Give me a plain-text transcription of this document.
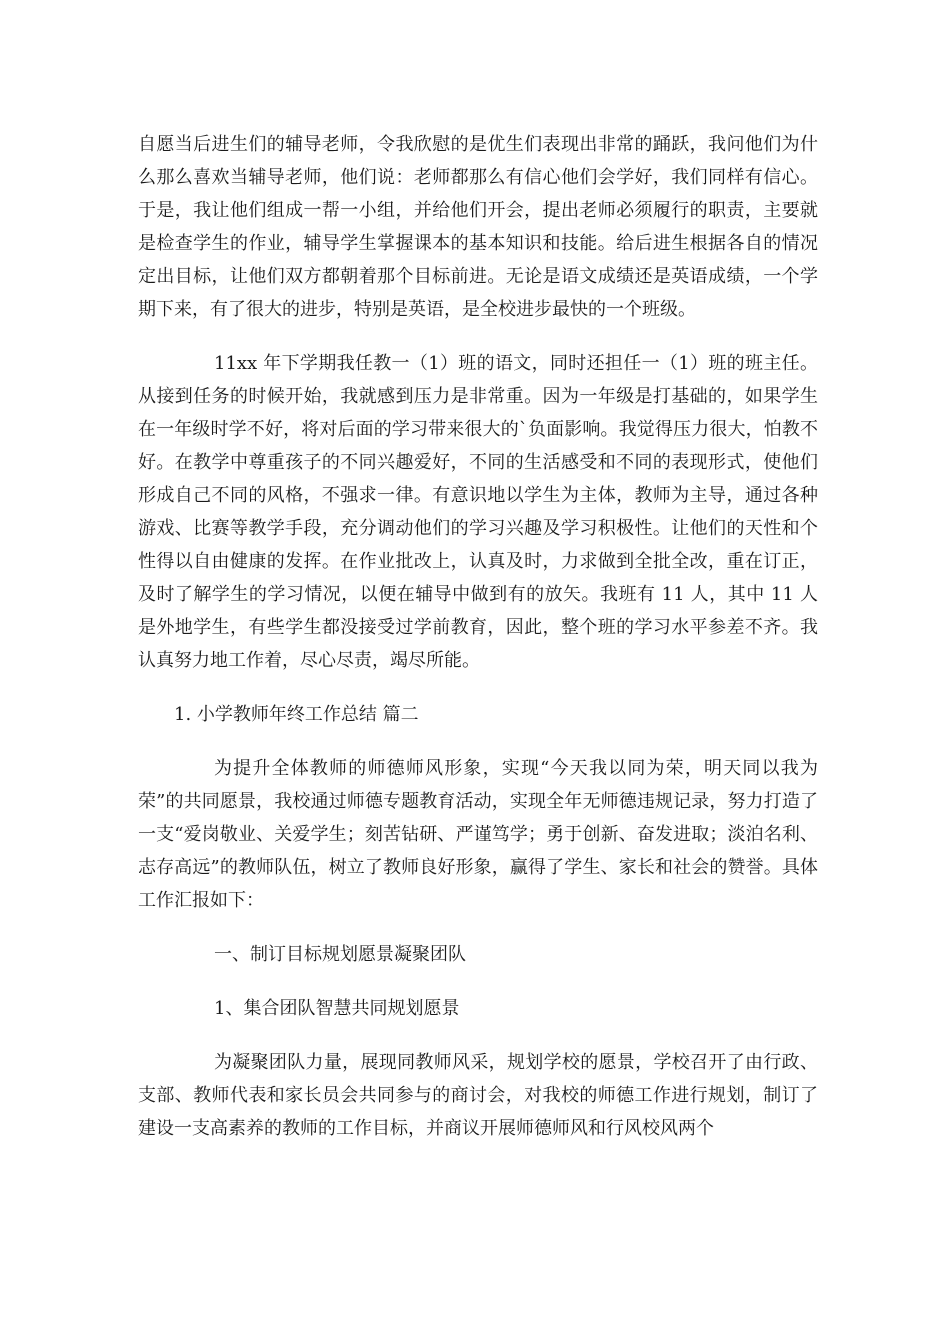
自愿当后进生们的辅导老师，令我欣慰的是优生们表现出非常的踊跃，我问他们为什么那么喜欢当辅导老师，他们说：老师都那么有信心他们会学好，我们同样有信心。于是，我让他们组成一帮一小组，并给他们开会，提出老师必须履行的职责，主要就是检查学生的作业，辅导学生掌握课本的基本知识和技能。给后进生根据各自的情况定出目标，让他们双方都朝着那个目标前进。无论是语文成绩还是英语成绩，一个学期下来，有了很大的进步，特别是英语，是全校进步最快的一个班级。

11xx 年下学期我任教一（1）班的语文，同时还担任一（1）班的班主任。从接到任务的时候开始，我就感到压力是非常重。因为一年级是打基础的，如果学生在一年级时学不好，将对后面的学习带来很大的`负面影响。我觉得压力很大，怕教不好。在教学中尊重孩子的不同兴趣爱好，不同的生活感受和不同的表现形式，使他们形成自己不同的风格，不强求一律。有意识地以学生为主体，教师为主导，通过各种游戏、比赛等教学手段，充分调动他们的学习兴趣及学习积极性。让他们的天性和个性得以自由健康的发挥。在作业批改上，认真及时，力求做到全批全改，重在订正，及时了解学生的学习情况，以便在辅导中做到有的放矢。我班有 11 人，其中 11 人是外地学生，有些学生都没接受过学前教育，因此，整个班的学习水平参差不齐。我认真努力地工作着，尽心尽责，竭尽所能。

1. 小学教师年终工作总结 篇二

为提升全体教师的师德师风形象，实现“今天我以同为荣，明天同以我为荣”的共同愿景，我校通过师德专题教育活动，实现全年无师德违规记录，努力打造了一支“爱岗敬业、关爱学生；刻苦钻研、严谨笃学；勇于创新、奋发进取；淡泊名利、志存高远”的教师队伍，树立了教师良好形象，赢得了学生、家长和社会的赞誉。具体工作汇报如下：

一、制订目标规划愿景凝聚团队

1、集合团队智慧共同规划愿景

为凝聚团队力量，展现同教师风采，规划学校的愿景，学校召开了由行政、支部、教师代表和家长员会共同参与的商讨会，对我校的师德工作进行规划，制订了建设一支高素养的教师的工作目标，并商议开展师德师风和行风校风两个
